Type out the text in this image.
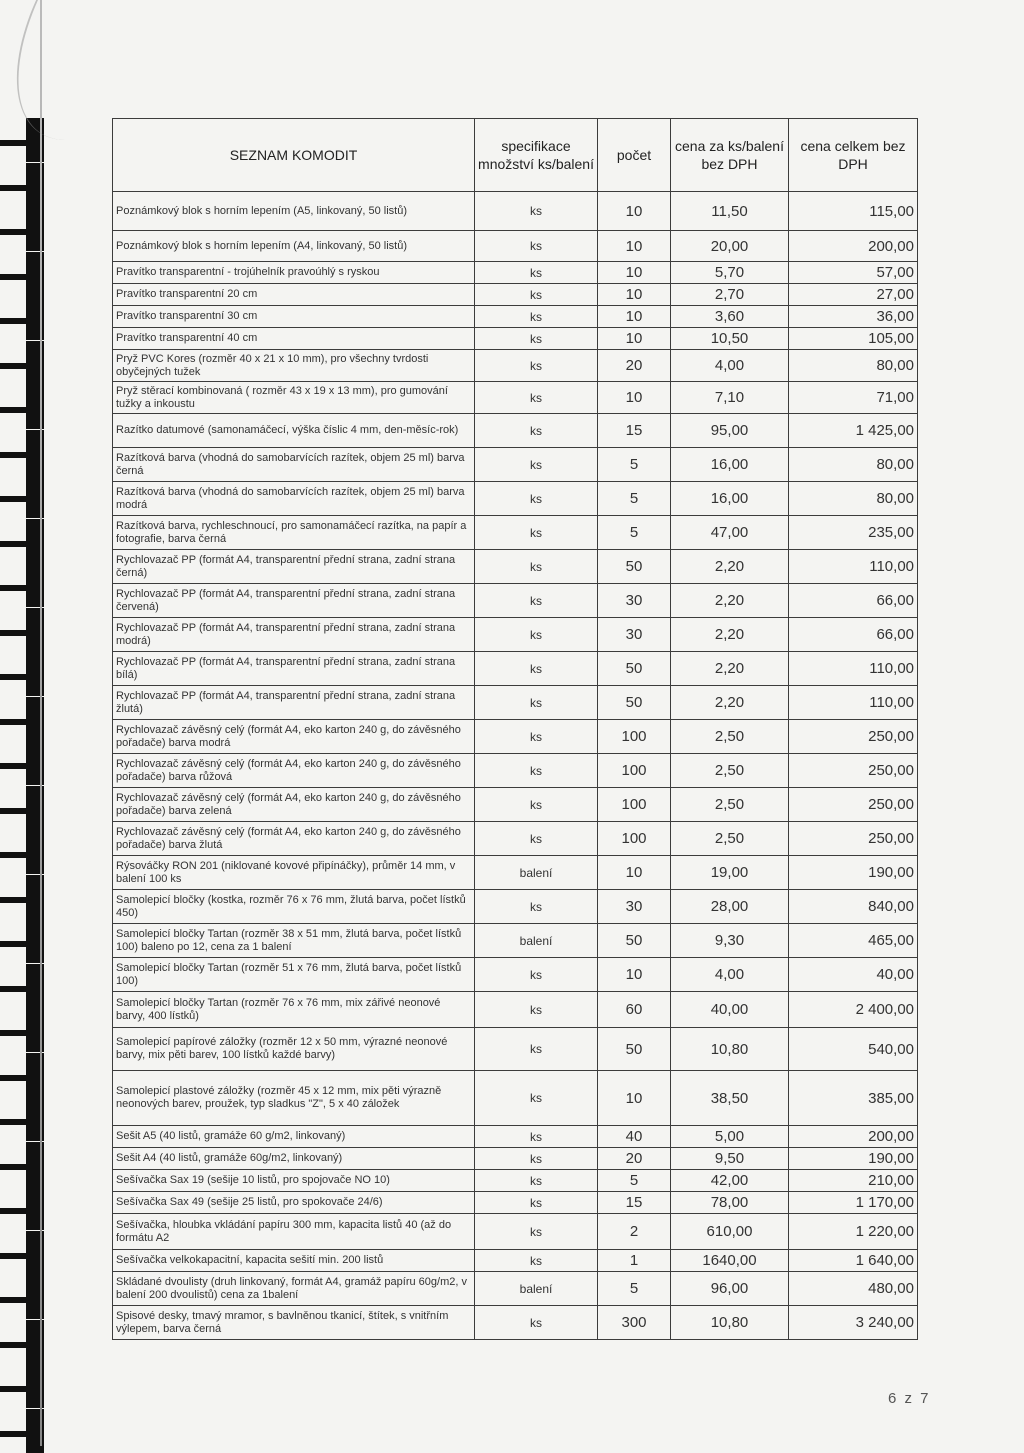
SEZNAM KOMODIT	specifikace množství ks/balení	počet	cena za ks/balení bez DPH	cena celkem bez DPH
Poznámkový blok s horním lepením (A5, linkovaný, 50 listů)	ks	10	11,50	115,00
Poznámkový blok s horním lepením (A4, linkovaný, 50 listů)	ks	10	20,00	200,00
Pravítko transparentní - trojúhelník pravoúhlý s ryskou	ks	10	5,70	57,00
Pravítko transparentní 20 cm	ks	10	2,70	27,00
Pravítko transparentní 30 cm	ks	10	3,60	36,00
Pravítko transparentní 40 cm	ks	10	10,50	105,00
Pryž PVC Kores (rozměr 40 x 21 x 10 mm), pro všechny tvrdosti obyčejných tužek	ks	20	4,00	80,00
Pryž stěrací kombinovaná ( rozměr 43 x 19 x 13 mm), pro gumování tužky a inkoustu	ks	10	7,10	71,00
Razítko datumové (samonamáčecí, výška číslic 4 mm, den-měsíc-rok)	ks	15	95,00	1 425,00
Razítková barva (vhodná do samobarvících razítek, objem 25 ml) barva černá	ks	5	16,00	80,00
Razítková barva (vhodná do samobarvících razítek, objem 25 ml) barva modrá	ks	5	16,00	80,00
Razítková barva, rychleschnoucí, pro samonamáčecí razítka, na papír a fotografie, barva černá	ks	5	47,00	235,00
Rychlovazač PP (formát A4, transparentní přední strana, zadní strana černá)	ks	50	2,20	110,00
Rychlovazač PP (formát A4, transparentní přední strana, zadní strana červená)	ks	30	2,20	66,00
Rychlovazač PP (formát A4, transparentní přední strana, zadní strana modrá)	ks	30	2,20	66,00
Rychlovazač PP (formát A4, transparentní přední strana, zadní strana bílá)	ks	50	2,20	110,00
Rychlovazač PP (formát A4, transparentní přední strana, zadní strana žlutá)	ks	50	2,20	110,00
Rychlovazač závěsný celý (formát A4, eko karton 240 g, do závěsného pořadače) barva modrá	ks	100	2,50	250,00
Rychlovazač závěsný celý (formát A4, eko karton 240 g, do závěsného pořadače) barva růžová	ks	100	2,50	250,00
Rychlovazač závěsný celý (formát A4, eko karton 240 g, do závěsného pořadače) barva zelená	ks	100	2,50	250,00
Rychlovazač závěsný celý (formát A4, eko karton 240 g, do závěsného pořadače) barva žlutá	ks	100	2,50	250,00
Rýsováčky RON 201 (niklované kovové připínáčky), průměr 14 mm, v balení 100 ks	balení	10	19,00	190,00
Samolepicí bločky (kostka, rozměr 76 x 76 mm, žlutá barva, počet lístků 450)	ks	30	28,00	840,00
Samolepicí bločky Tartan (rozměr 38 x 51 mm, žlutá barva, počet lístků 100) baleno po 12, cena za 1 balení	balení	50	9,30	465,00
Samolepicí bločky Tartan (rozměr 51 x 76 mm, žlutá barva, počet lístků 100)	ks	10	4,00	40,00
Samolepicí bločky Tartan (rozměr 76 x 76 mm, mix zářivé neonové barvy, 400 lístků)	ks	60	40,00	2 400,00
Samolepicí papírové záložky (rozměr 12 x 50 mm, výrazné neonové barvy, mix pěti barev, 100 lístků každé barvy)	ks	50	10,80	540,00
Samolepicí plastové záložky (rozměr 45 x 12 mm, mix pěti výrazně neonových barev, proužek, typ sladkus "Z", 5 x 40 záložek	ks	10	38,50	385,00
Sešit A5 (40 listů, gramáže 60 g/m2, linkovaný)	ks	40	5,00	200,00
Sešit A4 (40 listů, gramáže 60g/m2, linkovaný)	ks	20	9,50	190,00
Sešívačka Sax 19 (sešije 10 listů, pro spojovače NO 10)	ks	5	42,00	210,00
Sešívačka Sax 49 (sešije 25 listů, pro spokovače 24/6)	ks	15	78,00	1 170,00
Sešívačka, hloubka vkládání papíru 300 mm, kapacita listů 40 (až do formátu A2	ks	2	610,00	1 220,00
Sešívačka velkokapacitní, kapacita sešití min. 200 listů	ks	1	1640,00	1 640,00
Skládané dvoulisty (druh linkovaný, formát A4, gramáž papíru 60g/m2, v balení 200 dvoulistů) cena za 1balení	balení	5	96,00	480,00
Spisové desky, tmavý mramor, s bavlněnou tkanicí, štítek, s vnitřním výlepem, barva černá	ks	300	10,80	3 240,00
6 z 7
